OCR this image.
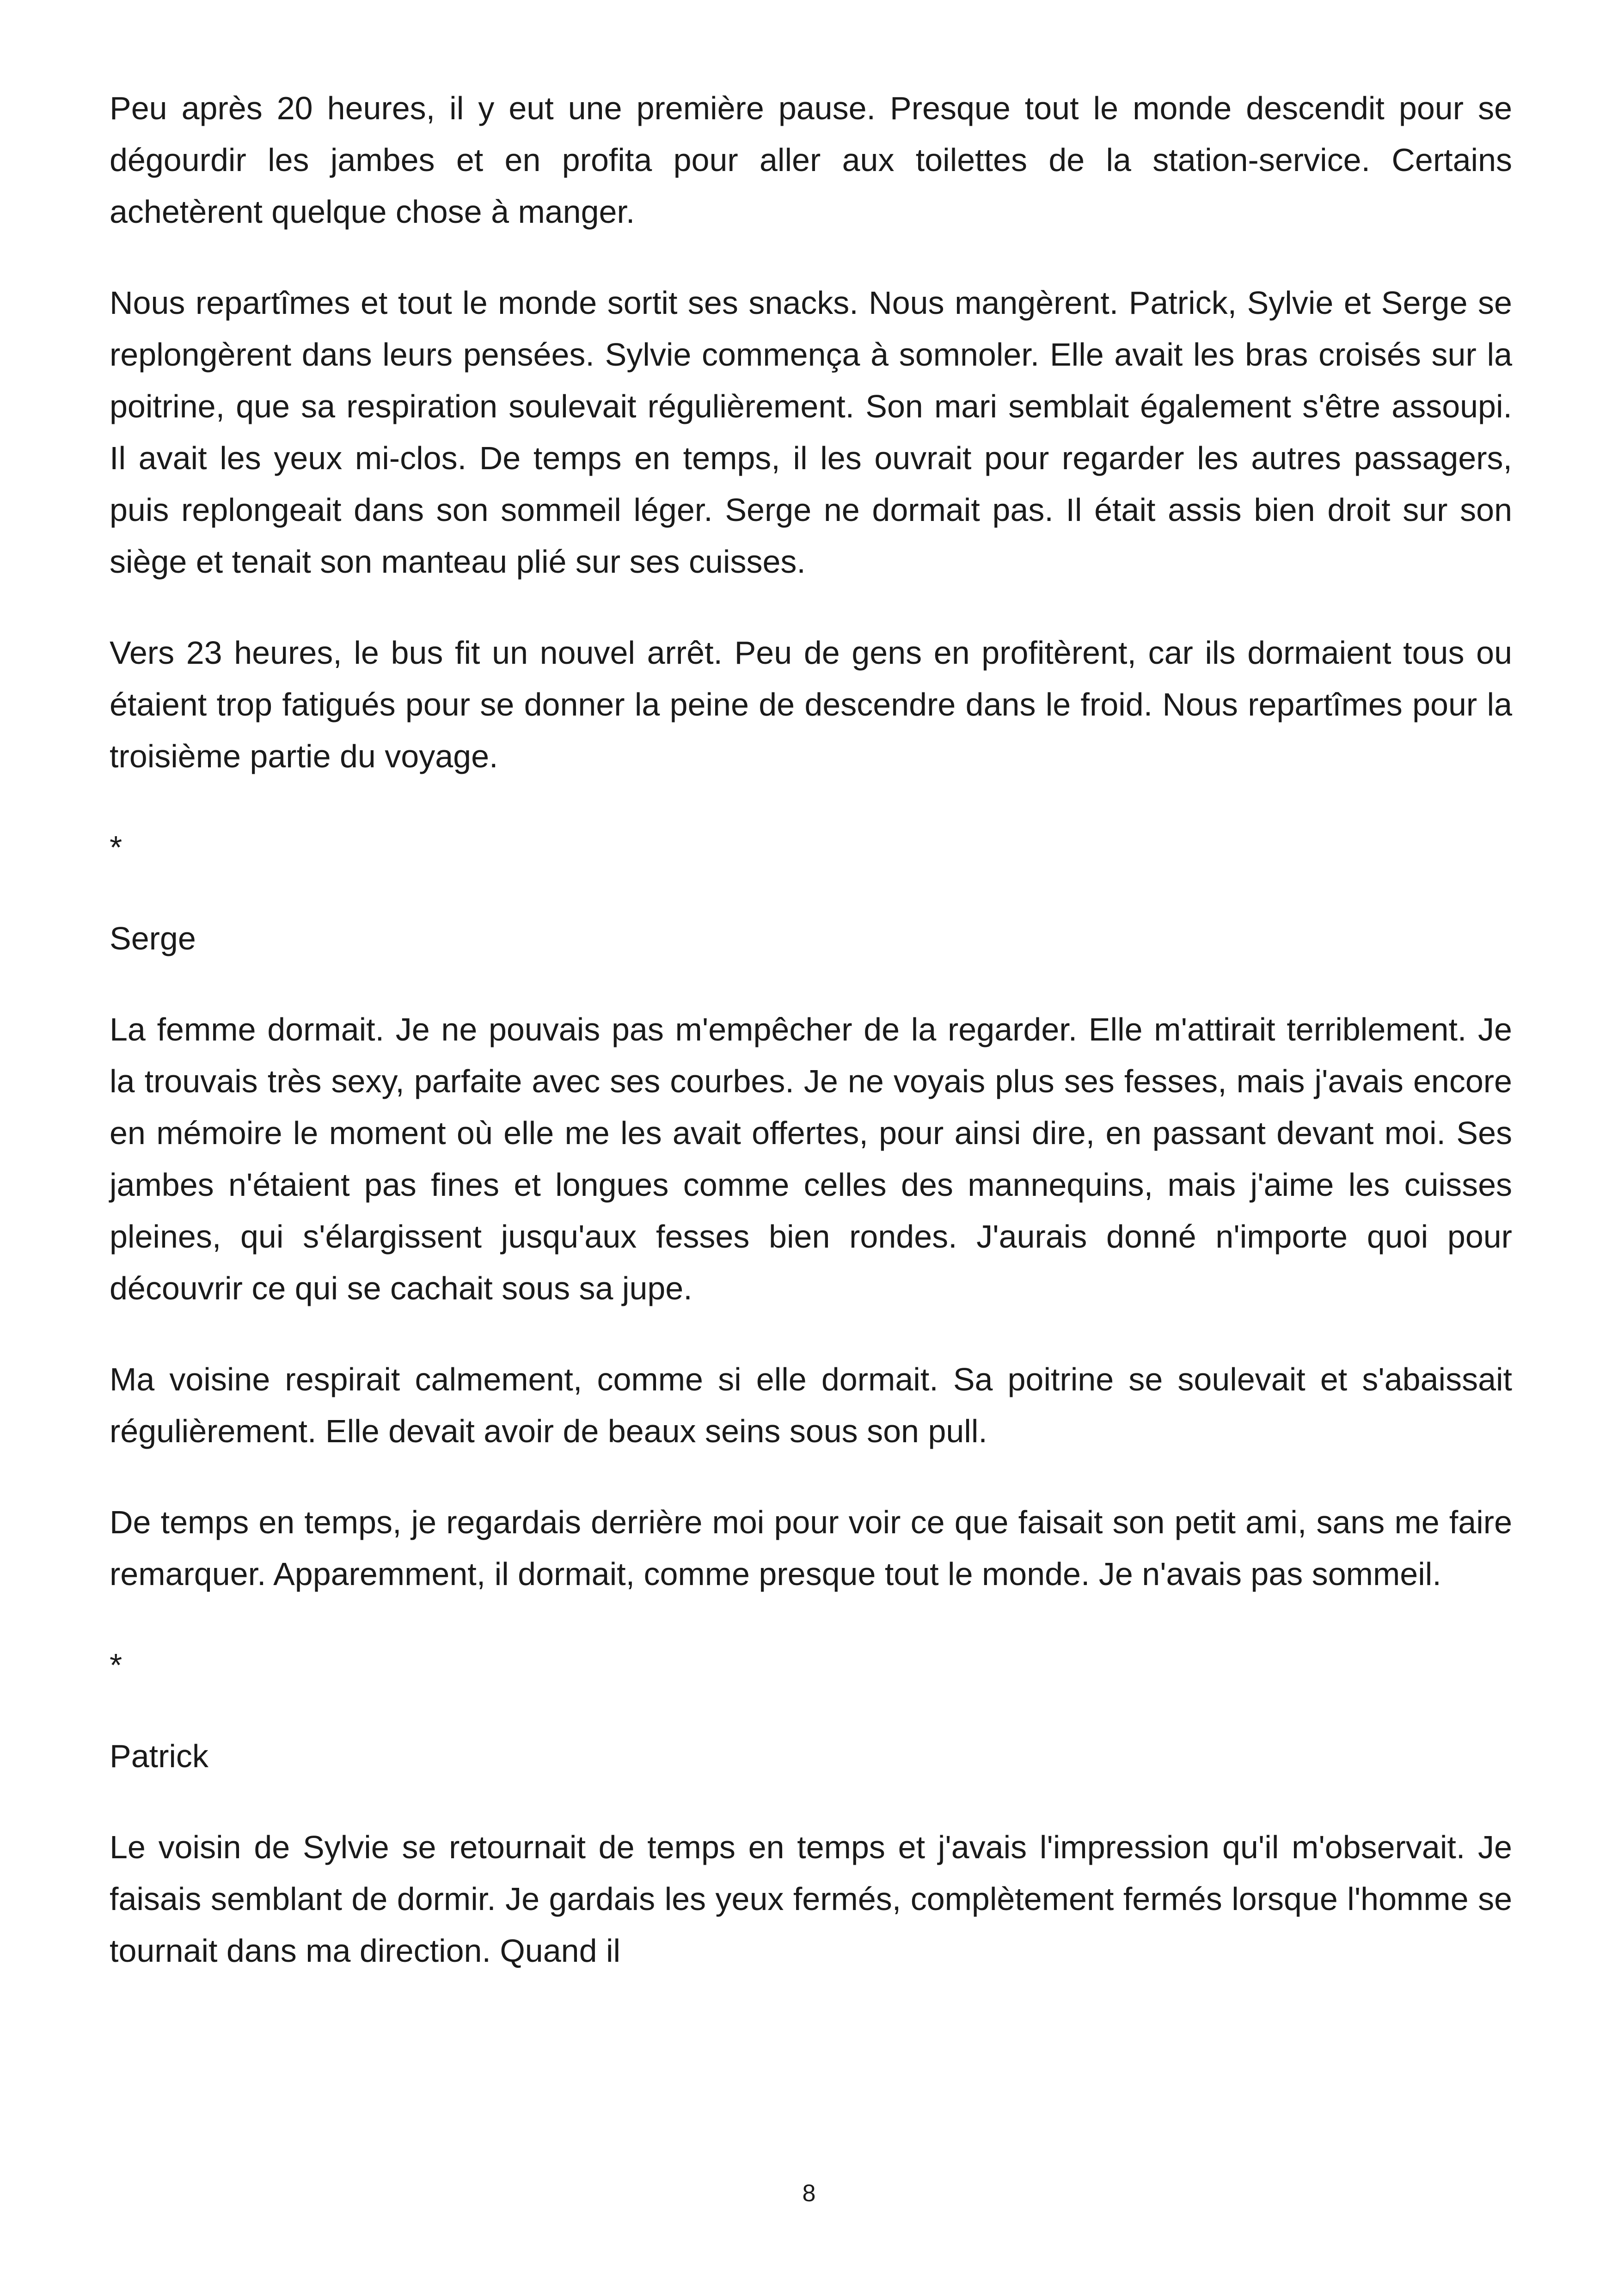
Peu après 20 heures, il y eut une première pause. Presque tout le monde descendit pour se dégourdir les jambes et en profita pour aller aux toilettes de la station-service. Certains achetèrent quelque chose à manger.

Nous repartîmes et tout le monde sortit ses snacks. Nous mangèrent. Patrick, Sylvie et Serge se replongèrent dans leurs pensées. Sylvie commença à somnoler. Elle avait les bras croisés sur la poitrine, que sa respiration soulevait régulièrement. Son mari semblait également s'être assoupi. Il avait les yeux mi-clos. De temps en temps, il les ouvrait pour regarder les autres passagers, puis replongeait dans son sommeil léger. Serge ne dormait pas. Il était assis bien droit sur son siège et tenait son manteau plié sur ses cuisses.

Vers 23 heures, le bus fit un nouvel arrêt. Peu de gens en profitèrent, car ils dormaient tous ou étaient trop fatigués pour se donner la peine de descendre dans le froid. Nous repartîmes pour la troisième partie du voyage.

*

Serge

La femme dormait. Je ne pouvais pas m'empêcher de la regarder. Elle m'attirait terriblement. Je la trouvais très sexy, parfaite avec ses courbes. Je ne voyais plus ses fesses, mais j'avais encore en mémoire le moment où elle me les avait offertes, pour ainsi dire, en passant devant moi. Ses jambes n'étaient pas fines et longues comme celles des mannequins, mais j'aime les cuisses pleines, qui s'élargissent jusqu'aux fesses bien rondes. J'aurais donné n'importe quoi pour découvrir ce qui se cachait sous sa jupe.

Ma voisine respirait calmement, comme si elle dormait. Sa poitrine se soulevait et s'abaissait régulièrement. Elle devait avoir de beaux seins sous son pull.

De temps en temps, je regardais derrière moi pour voir ce que faisait son petit ami, sans me faire remarquer. Apparemment, il dormait, comme presque tout le monde. Je n'avais pas sommeil.

*

Patrick

Le voisin de Sylvie se retournait de temps en temps et j'avais l'impression qu'il m'observait. Je faisais semblant de dormir. Je gardais les yeux fermés, complètement fermés lorsque l'homme se tournait dans ma direction. Quand il

8
